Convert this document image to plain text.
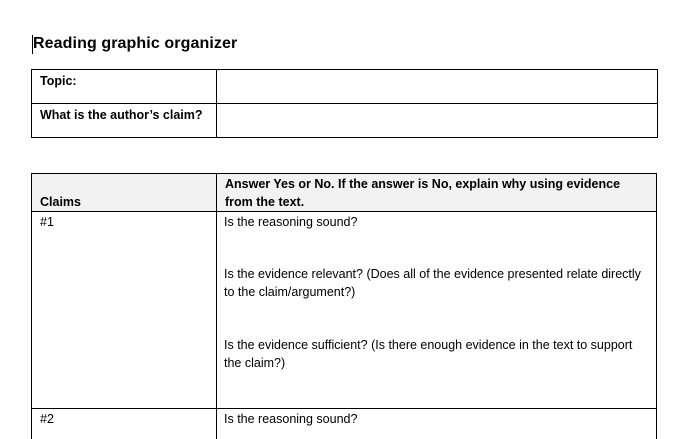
Reading graphic organizer
Topic:	
What is the author’s claim?	
Claims	Answer Yes or No. If the answer is No, explain why using evidence from the text.
#1	Is the reasoning sound?

Is the evidence relevant? (Does all of the evidence presented relate directly to the claim/argument?)

Is the evidence sufficient? (Is there enough evidence in the text to support the claim?)

#2	Is the reasoning sound?
